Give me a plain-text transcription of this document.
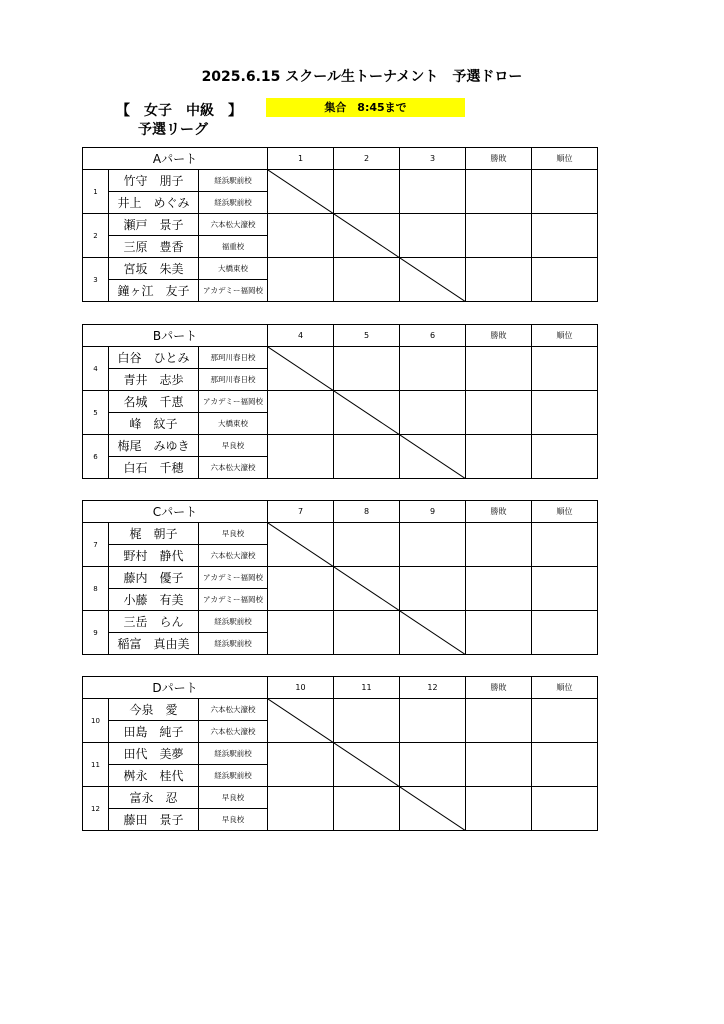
2025.6.15 スクール生トーナメント　予選ドロー
【　女子　中級　】
予選リーグ
集合　8:45まで
Aパート			1	2	3	勝敗	順位
1	竹守　朋子	経浜駅前校	

	井上　めぐみ	経浜駅前校					
2	瀬戸　景子	六本松大濠校		

	三原　豊香	福重校					
3	宮坂　朱美	大橋東校			

	鐘ヶ江　友子	アカデミー福岡校					
Bパート			4	5	6	勝敗	順位
4	白谷　ひとみ	那珂川春日校	

	青井　志歩	那珂川春日校					
5	名城　千恵	アカデミー福岡校		

	峰　紋子	大橋東校					
6	梅尾　みゆき	早良校			

	白石　千穂	六本松大濠校					
Cパート			7	8	9	勝敗	順位
7	梶　朝子	早良校	

	野村　静代	六本松大濠校					
8	藤内　優子	アカデミー福岡校		

	小藤　有美	アカデミー福岡校					
9	三岳　らん	経浜駅前校			

	稲富　真由美	経浜駅前校					
Dパート			10	11	12	勝敗	順位
10	今泉　愛	六本松大濠校	

	田島　純子	六本松大濠校					
11	田代　美夢	経浜駅前校		

	桝永　桂代	経浜駅前校					
12	富永　忍	早良校			

	藤田　景子	早良校					
